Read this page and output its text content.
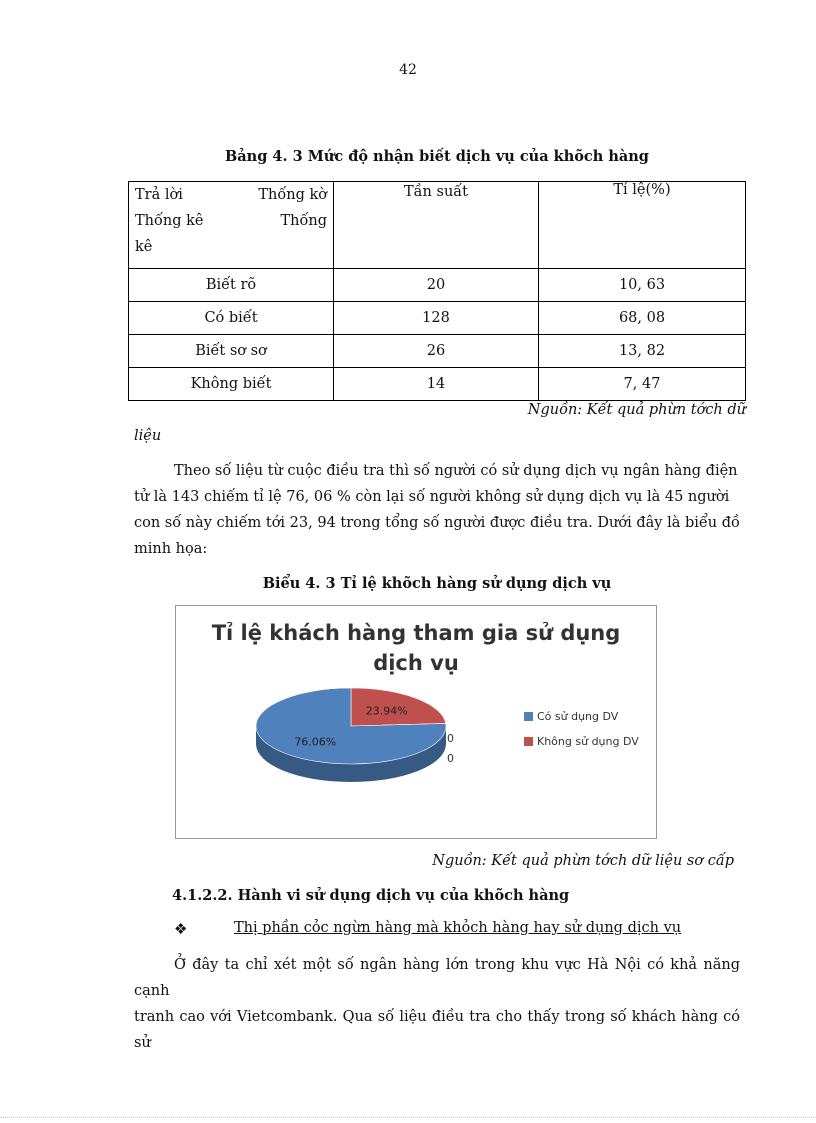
42
Bảng 4. 3 Mức độ nhận biết dịch vụ của khõch hàng
Trả lời Thống kờ
Thống kê Thống
kê	Tần suất	Tỉ lệ(%)
Biết rõ	20	10, 63
Có biết	128	68, 08
Biết sơ sơ	26	13, 82
Không biết	14	7, 47
Nguồn: Kết quả phừn tớch dữ
liệu
Theo số liệu từ cuộc điều tra thì số người có sử dụng dịch vụ ngân hàng điện
tử là 143 chiếm tỉ lệ 76, 06 % còn lại số người không sử dụng dịch vụ là 45 người
con số này chiếm tới 23, 94 trong tổng số người được điều tra. Dưới đây là biểu đồ
minh họa:
Biểu 4. 3 Tỉ lệ khõch hàng sử dụng dịch vụ
Tỉ lệ khách hàng tham gia sử dụng
dịch vụ
23.94%
76.06%
Có sử dụng DV
Không sử dụng DV
0
0
Nguồn: Kết quả phừn tớch dữ liệu sơ cấp
4.1.2.2. Hành vi sử dụng dịch vụ của khõch hàng
❖	Thị phần cỏc ngừn hàng mà khỏch hàng hay sử dụng dịch vụ
Ở đây ta chỉ xét một số ngân hàng lớn trong khu vực Hà Nội có khả năng cạnh
tranh cao với Vietcombank. Qua số liệu điều tra cho thấy trong số khách hàng có sử
